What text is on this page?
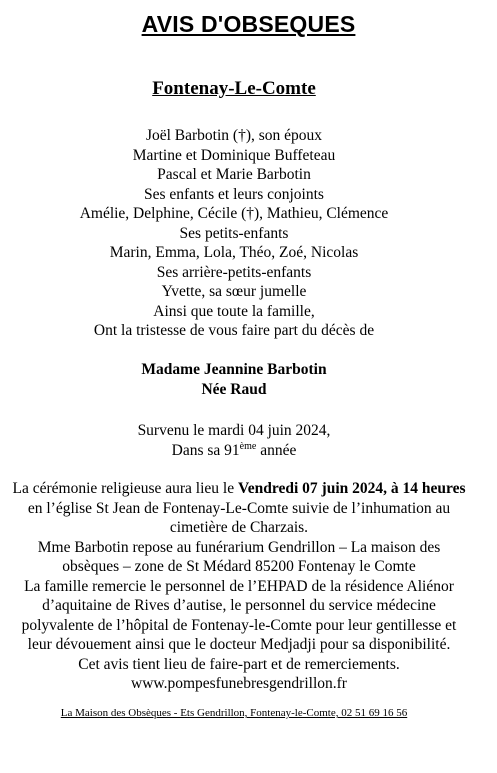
AVIS D'OBSEQUES
Fontenay-Le-Comte
Joël Barbotin (†), son époux
Martine et Dominique Buffeteau
Pascal et Marie Barbotin
Ses enfants et leurs conjoints
Amélie, Delphine, Cécile (†), Mathieu, Clémence
Ses petits-enfants
Marin, Emma, Lola, Théo, Zoé, Nicolas
Ses arrière-petits-enfants
Yvette, sa sœur jumelle
Ainsi que toute la famille,
Ont la tristesse de vous faire part du décès de
Madame Jeannine Barbotin
Née Raud
Survenu le mardi 04 juin 2024,
Dans sa 91ème année
La cérémonie religieuse aura lieu le Vendredi 07 juin 2024, à 14 heures en l’église St Jean de Fontenay-Le-Comte suivie de l’inhumation au cimetière de Charzais.
Mme Barbotin repose au funérarium Gendrillon – La maison des obsèques – zone de St Médard 85200 Fontenay le Comte
La famille remercie le personnel de l’EHPAD de la résidence Aliénor d’aquitaine de Rives d’autise, le personnel du service médecine polyvalente de l’hôpital de Fontenay-le-Comte pour leur gentillesse et leur dévouement ainsi que le docteur Medjadji pour sa disponibilité.
Cet avis tient lieu de faire-part et de remerciements.
www.pompesfunebresgendrillon.fr
La Maison des Obsèques - Ets Gendrillon, Fontenay-le-Comte, 02 51 69 16 56
